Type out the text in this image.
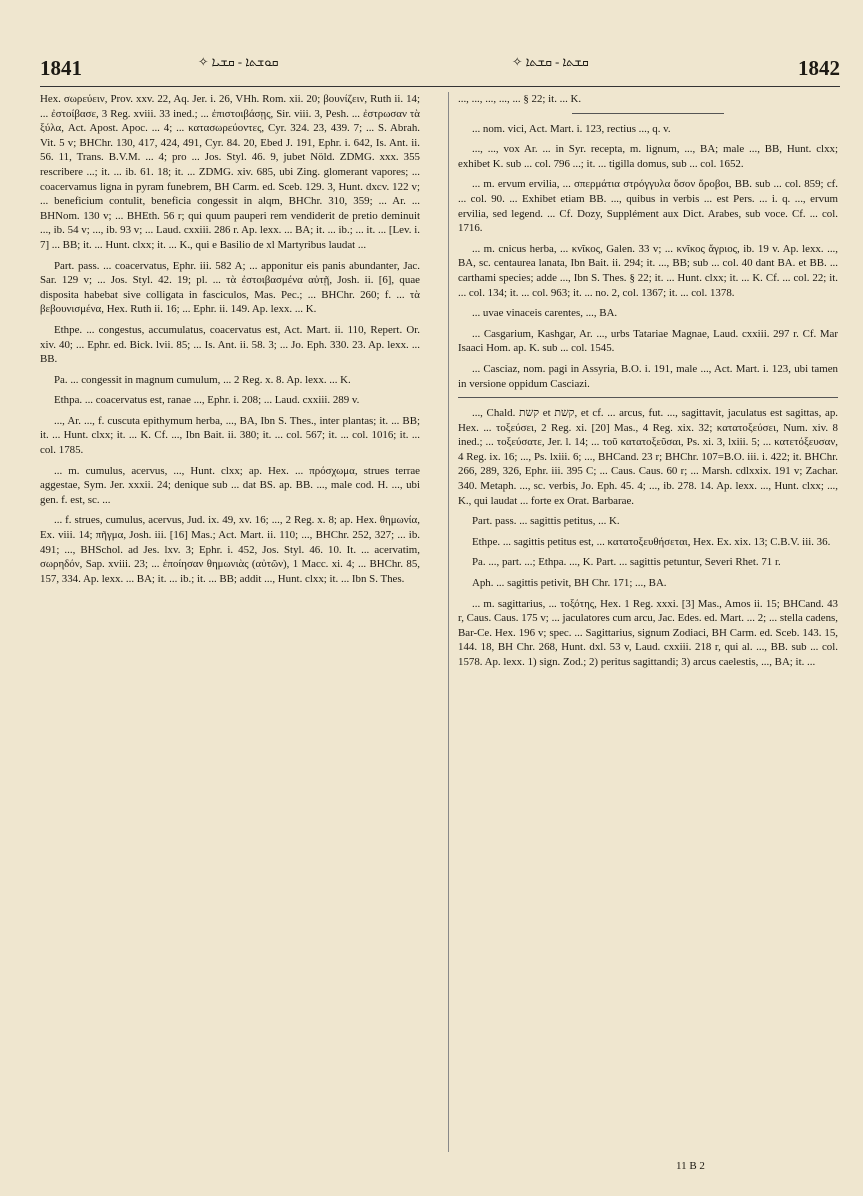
1841	✧ ܩܘܫܬܐ - ܩܫܝܐ	✧ ܩܫܬܐ - ܩܫܬܐ	1842

Hex. σωρεύειν, Prov. xxv. 22, Aq. Jer. i. 26, VHh. Rom. xii. 20; βουνίζειν, Ruth ii. 14; ... ἐστοίβασε, 3 Reg. xviii. 33 ined.; ... ἐπιστοιβάσῃς, Sir. viii. 3, Pesh. ... ἐστρωσαν τὰ ξύλα, Act. Apost. Apoc. ... 4; ... κατασωρεύοντες, Cyr. 324. 23, 439. 7; ... S. Abrah. Vit. 5 v; BHChr. 130, 417, 424, 491, Cyr. 84. 20, Ebed J. 191, Ephr. i. 642, Is. Ant. ii. 56. 11, Trans. B.V.M. ... 4; pro ... Jos. Styl. 46. 9, jubet Nöld. ZDMG. xxx. 355 rescribere ...; it. ... ib. 61. 18; it. ... ZDMG. xiv. 685, ubi Zing. glomerant vapores; ... coacervamus ligna in pyram funebrem, BH Carm. ed. Sceb. 129. 3, Hunt. dxcv. 122 v; ... beneficium contulit, beneficia congessit in alqm, BHChr. 310, 359; ... Ar. ... BHNom. 130 v; ... BHEth. 56 r; qui quum pauperi rem vendiderit de pretio deminuit ..., ib. 54 v; ..., ib. 93 v; ... Laud. cxxiii. 286 r. Ap. lexx. ... BA; it. ... ib.; ... it. ... [Lev. i. 7] ... BB; it. ... Hunt. clxx; it. ... K., qui e Basilio de xl Martyribus laudat ...

Part. pass. ... coacervatus, Ephr. iii. 582 A; ... apponitur eis panis abundanter, Jac. Sar. 129 v; ... Jos. Styl. 42. 19; pl. ... τὰ ἐστοιβασμένα αὐτῇ, Josh. ii. [6], quae disposita habebat sive colligata in fasciculos, Mas. Pec.; ... BHChr. 260; f. ... τὰ βεβουνισμένα, Hex. Ruth ii. 16; ... Ephr. ii. 149. Ap. lexx. ... K.

Ethpe. ... congestus, accumulatus, coacervatus est, Act. Mart. ii. 110, Repert. Or. xiv. 40; ... Ephr. ed. Bick. lvii. 85; ... Is. Ant. ii. 58. 3; ... Jo. Eph. 330. 23. Ap. lexx. ... BB.

Pa. ... congessit in magnum cumulum, ... 2 Reg. x. 8. Ap. lexx. ... K.

Ethpa. ... coacervatus est, ranae ..., Ephr. i. 208; ... Laud. cxxiii. 289 v.

..., Ar. ..., f. cuscuta epithymum herba, ..., BA, Ibn S. Thes., inter plantas; it. ... BB; it. ... Hunt. clxx; it. ... K. Cf. ..., Ibn Bait. ii. 380; it. ... col. 567; it. ... col. 1016; it. ... col. 1785.

... m. cumulus, acervus, ..., Hunt. clxx; ap. Hex. ... πρόσχωμα, strues terrae aggestae, Sym. Jer. xxxii. 24; denique sub ... dat BS. ap. BB. ..., male cod. H. ..., ubi gen. f. est, sc. ...

... f. strues, cumulus, acervus, Jud. ix. 49, xv. 16; ..., 2 Reg. x. 8; ap. Hex. θημωνία, Ex. viii. 14; πῆγμα, Josh. iii. [16] Mas.; Act. Mart. ii. 110; ..., BHChr. 252, 327; ... ib. 491; ..., BHSchol. ad Jes. lxv. 3; Ephr. i. 452, Jos. Styl. 46. 10. It. ... acervatim, σωρηδόν, Sap. xviii. 23; ... ἐποίησαν θημωνιὰς (αὐτῶν), 1 Macc. xi. 4; ... BHChr. 85, 157, 334. Ap. lexx. ... BA; it. ... ib.; it. ... BB; addit ..., Hunt. clxx; it. ... Ibn S. Thes.

..., ..., ..., ..., ... § 22; it. ... K.

... nom. vici, Act. Mart. i. 123, rectius ..., q. v.

..., ..., vox Ar. ... in Syr. recepta, m. lignum, ..., BA; male ..., BB, Hunt. clxx; exhibet K. sub ... col. 796 ...; it. ... tigilla domus, sub ... col. 1652.

... m. ervum ervilia, ... σπερμάτια στρόγγυλα ὅσον ὄροβοι, BB. sub ... col. 859; cf. ... col. 90. ... Exhibet etiam BB. ..., quibus in verbis ... est Pers. ... i. q. ..., ervum ervilia, sed legend. ... Cf. Dozy, Supplément aux Dict. Arabes, sub voce. Cf. ... col. 1716.

... m. cnicus herba, ... κνῖκος, Galen. 33 v; ... κνῖκος ἄγριος, ib. 19 v. Ap. lexx. ..., BA, sc. centaurea lanata, Ibn Bait. ii. 294; it. ..., BB; sub ... col. 40 dant BA. et BB. ... carthami species; adde ..., Ibn S. Thes. § 22; it. ... Hunt. clxx; it. ... K. Cf. ... col. 22; it. ... col. 134; it. ... col. 963; it. ... no. 2, col. 1367; it. ... col. 1378.

... uvae vinaceis carentes, ..., BA.

... Casgarium, Kashgar, Ar. ..., urbs Tatariae Magnae, Laud. cxxiii. 297 r. Cf. Mar Isaaci Hom. ap. K. sub ... col. 1545.

... Casciaz, nom. pagi in Assyria, B.O. i. 191, male ..., Act. Mart. i. 123, ubi tamen in versione oppidum Casciazi.

..., Chald. קשת et קשת, et cf. ... arcus, fut. ..., sagittavit, jaculatus est sagittas, ap. Hex. ... τοξεύσει, 2 Reg. xi. [20] Mas., 4 Reg. xix. 32; κατατοξεύσει, Num. xiv. 8 ined.; ... τοξεύσατε, Jer. l. 14; ... τοῦ κατατοξεῦσαι, Ps. xi. 3, lxiii. 5; ... κατετόξευσαν, 4 Reg. ix. 16; ..., Ps. lxiii. 6; ..., BHCand. 23 r; BHChr. 107=B.O. iii. i. 422; it. BHChr. 266, 289, 326, Ephr. iii. 395 C; ... Caus. Caus. 60 r; ... Marsh. cdlxxix. 191 v; Zachar. 340. Metaph. ..., sc. verbis, Jo. Eph. 45. 4; ..., ib. 278. 14. Ap. lexx. ..., Hunt. clxx; ..., K., qui laudat ... forte ex Orat. Barbarae.

Part. pass. ... sagittis petitus, ... K.

Ethpe. ... sagittis petitus est, ... κατατοξευθήσεται, Hex. Ex. xix. 13; C.B.V. iii. 36.

Pa. ..., part. ...; Ethpa. ..., K. Part. ... sagittis petuntur, Severi Rhet. 71 r.

Aph. ... sagittis petivit, BH Chr. 171; ..., BA.

... m. sagittarius, ... τοξότης, Hex. 1 Reg. xxxi. [3] Mas., Amos ii. 15; BHCand. 43 r, Caus. Caus. 175 v; ... jaculatores cum arcu, Jac. Edes. ed. Mart. ... 2; ... stella cadens, Bar-Ce. Hex. 196 v; spec. ... Sagittarius, signum Zodiaci, BH Carm. ed. Sceb. 143. 15, 144. 18, BH Chr. 268, Hunt. dxl. 53 v, Laud. cxxiii. 218 r, qui al. ..., BB. sub ... col. 1578. Ap. lexx. 1) sign. Zod.; 2) peritus sagittandi; 3) arcus caelestis, ..., BA; it. ...

11 B 2
